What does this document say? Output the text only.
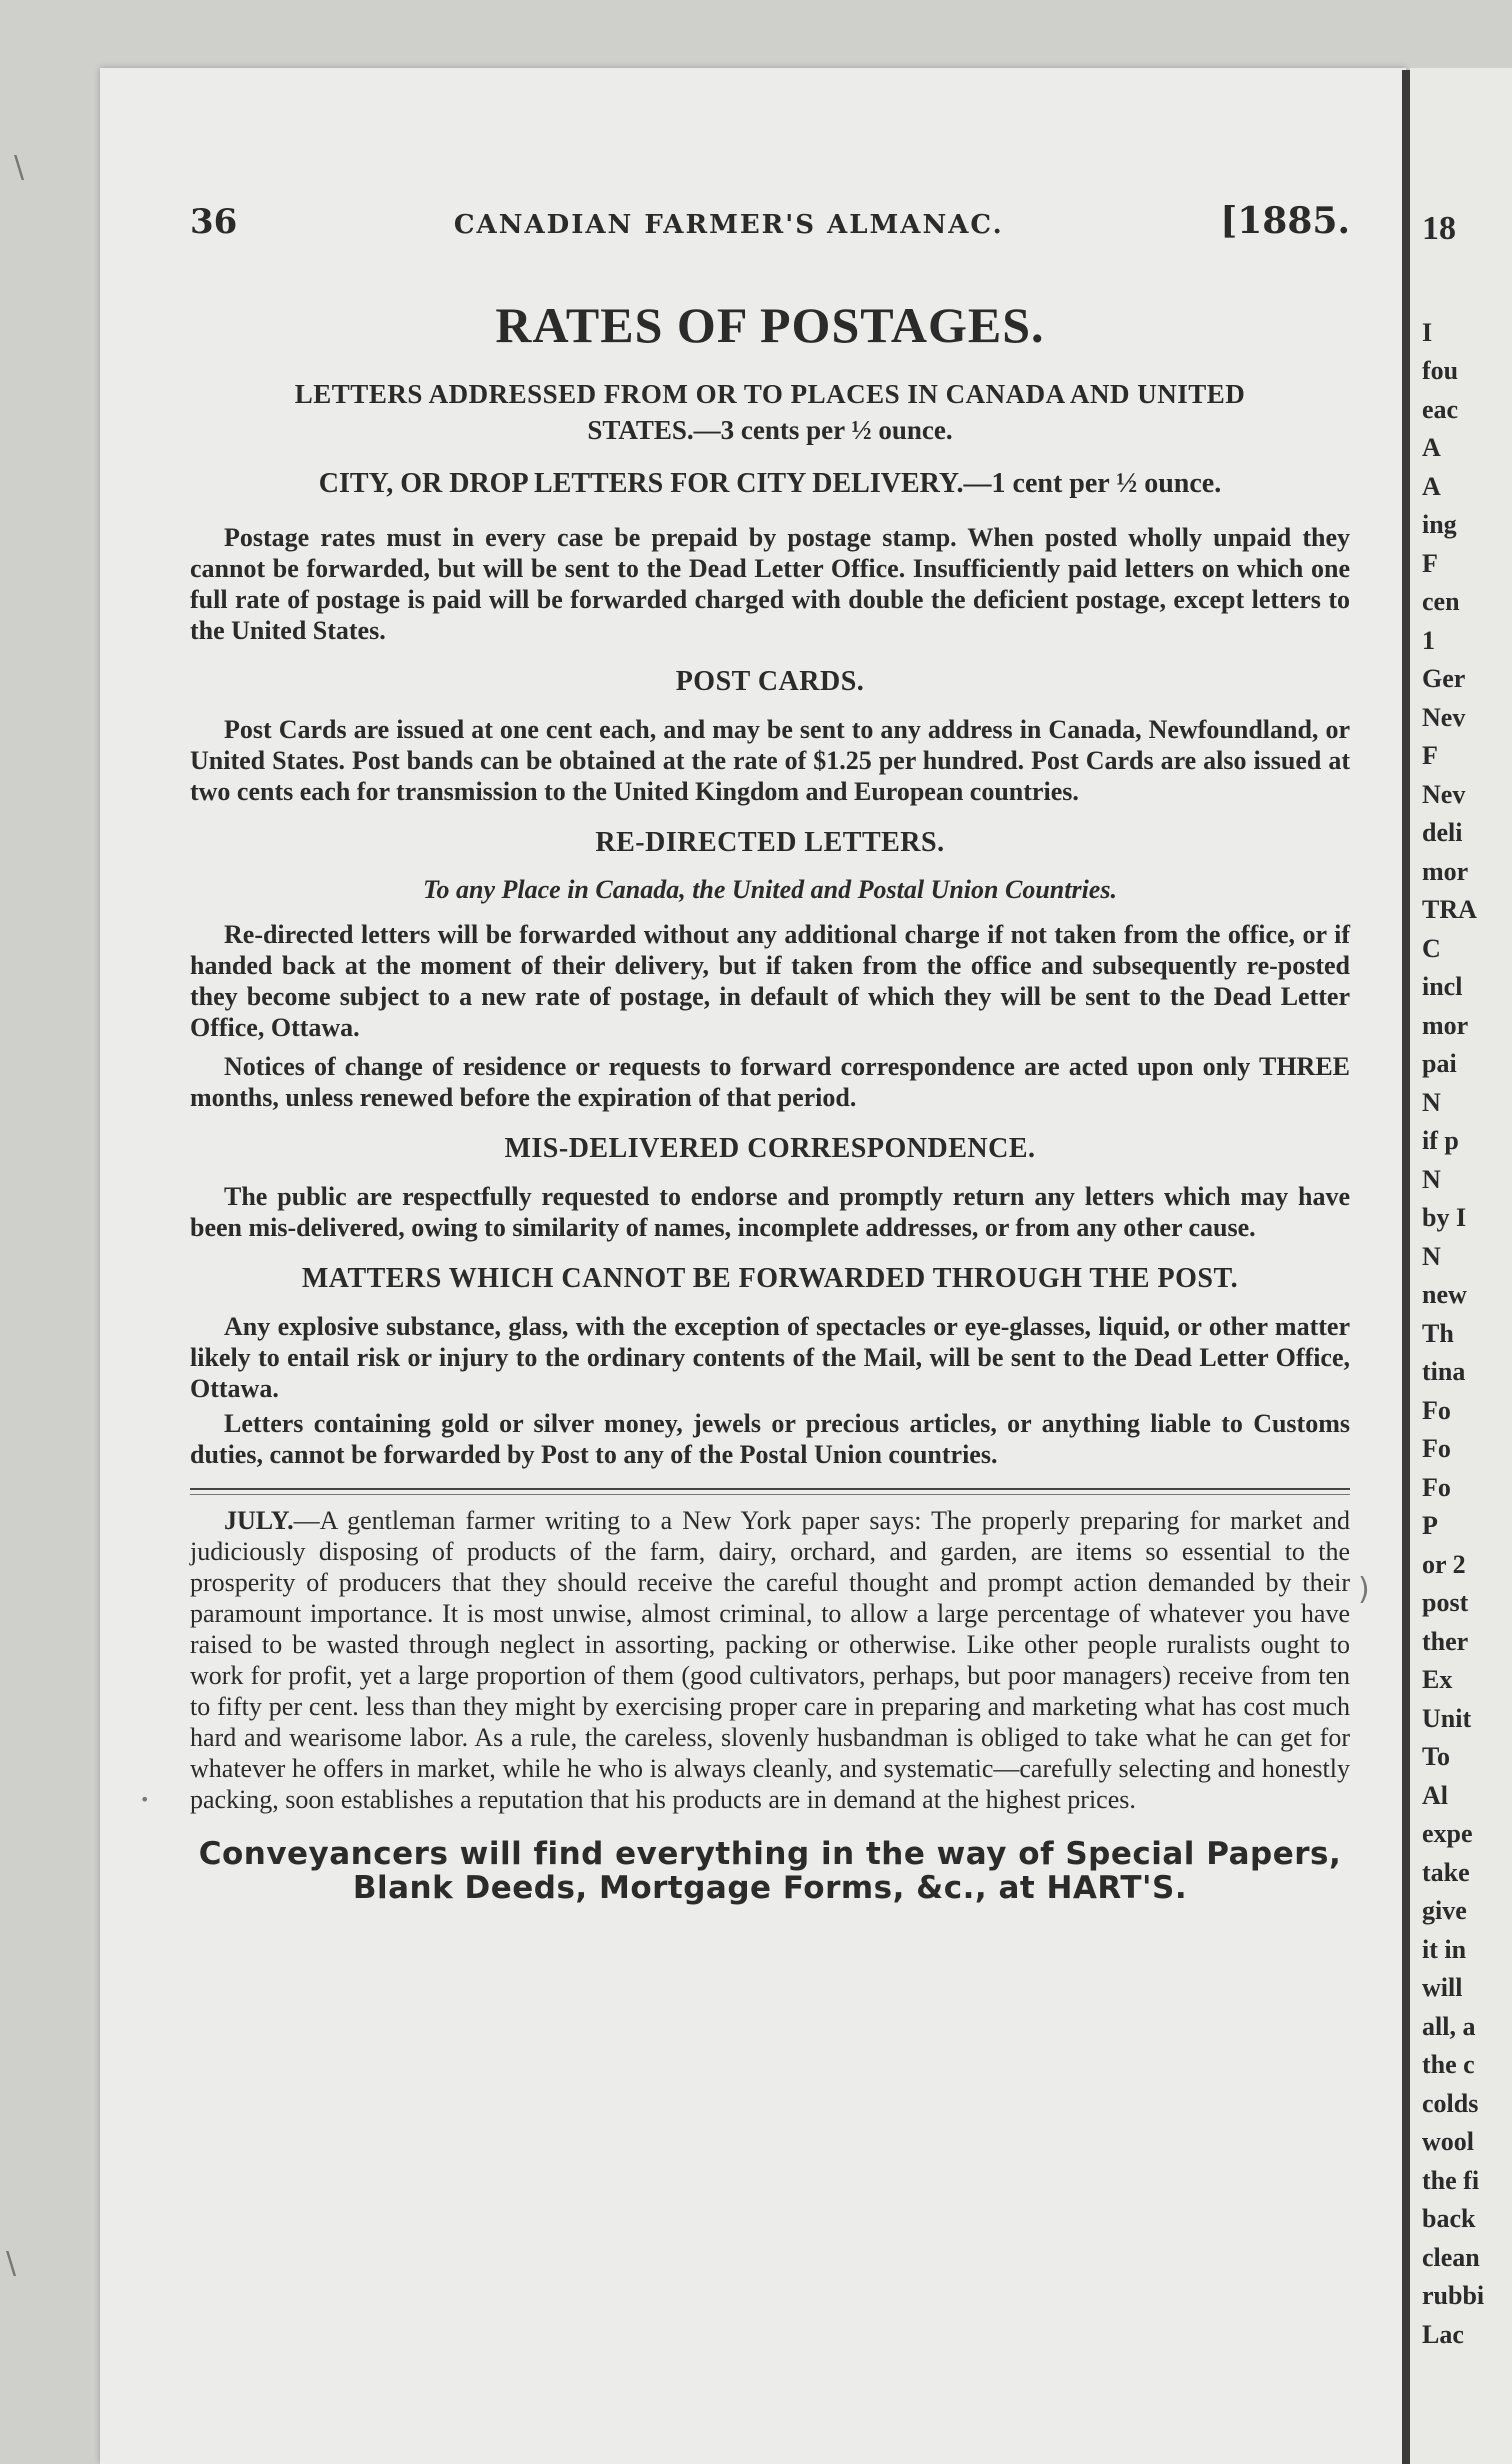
18
I
fou
eac
A
A
ing
F
cen
1
Ger
Nev
F
Nev
deli
mor
TRA
C
incl
mor
pai
N
if p
N
by I
N
new
Th
tina
Fo
Fo
Fo
P
or 2
post
ther
Ex
Unit
To
Al
expe
take
give
it in
will
all, a
the c
colds
wool
the fi
back
clean
rubbi
Lac
\
•
\
)
36	CANADIAN FARMER'S ALMANAC.	[1885.
RATES OF POSTAGES.
LETTERS ADDRESSED FROM OR TO PLACES IN CANADA AND UNITED
STATES.—3 cents per ½ ounce.
CITY, OR DROP LETTERS FOR CITY DELIVERY.—1 cent per ½ ounce.

Postage rates must in every case be prepaid by postage stamp. When posted wholly unpaid they cannot be forwarded, but will be sent to the Dead Letter Office. Insufficiently paid letters on which one full rate of postage is paid will be forwarded charged with double the deficient postage, except letters to the United States.

POST CARDS.

Post Cards are issued at one cent each, and may be sent to any address in Canada, Newfoundland, or United States. Post bands can be obtained at the rate of $1.25 per hundred. Post Cards are also issued at two cents each for transmission to the United Kingdom and European countries.

RE-DIRECTED LETTERS.
To any Place in Canada, the United and Postal Union Countries.

Re-directed letters will be forwarded without any additional charge if not taken from the office, or if handed back at the moment of their delivery, but if taken from the office and subsequently re-posted they become subject to a new rate of postage, in default of which they will be sent to the Dead Letter Office, Ottawa.

Notices of change of residence or requests to forward correspondence are acted upon only THREE months, unless renewed before the expiration of that period.

MIS-DELIVERED CORRESPONDENCE.

The public are respectfully requested to endorse and promptly return any letters which may have been mis-delivered, owing to similarity of names, incomplete addresses, or from any other cause.

MATTERS WHICH CANNOT BE FORWARDED THROUGH THE POST.

Any explosive substance, glass, with the exception of spectacles or eye-glasses, liquid, or other matter likely to entail risk or injury to the ordinary contents of the Mail, will be sent to the Dead Letter Office, Ottawa.

Letters containing gold or silver money, jewels or precious articles, or anything liable to Customs duties, cannot be forwarded by Post to any of the Postal Union countries.

JULY.—A gentleman farmer writing to a New York paper says: The properly preparing for market and judiciously disposing of products of the farm, dairy, orchard, and garden, are items so essential to the prosperity of producers that they should receive the careful thought and prompt action demanded by their paramount importance. It is most unwise, almost criminal, to allow a large percentage of whatever you have raised to be wasted through neglect in assorting, packing or otherwise. Like other people ruralists ought to work for profit, yet a large proportion of them (good cultivators, perhaps, but poor managers) receive from ten to fifty per cent. less than they might by exercising proper care in preparing and marketing what has cost much hard and wearisome labor. As a rule, the careless, slovenly husbandman is obliged to take what he can get for whatever he offers in market, while he who is always cleanly, and systematic—carefully selecting and honestly packing, soon establishes a reputation that his products are in demand at the highest prices.

Conveyancers will find everything in the way of Special Papers,
Blank Deeds, Mortgage Forms, &c., at HART'S.
